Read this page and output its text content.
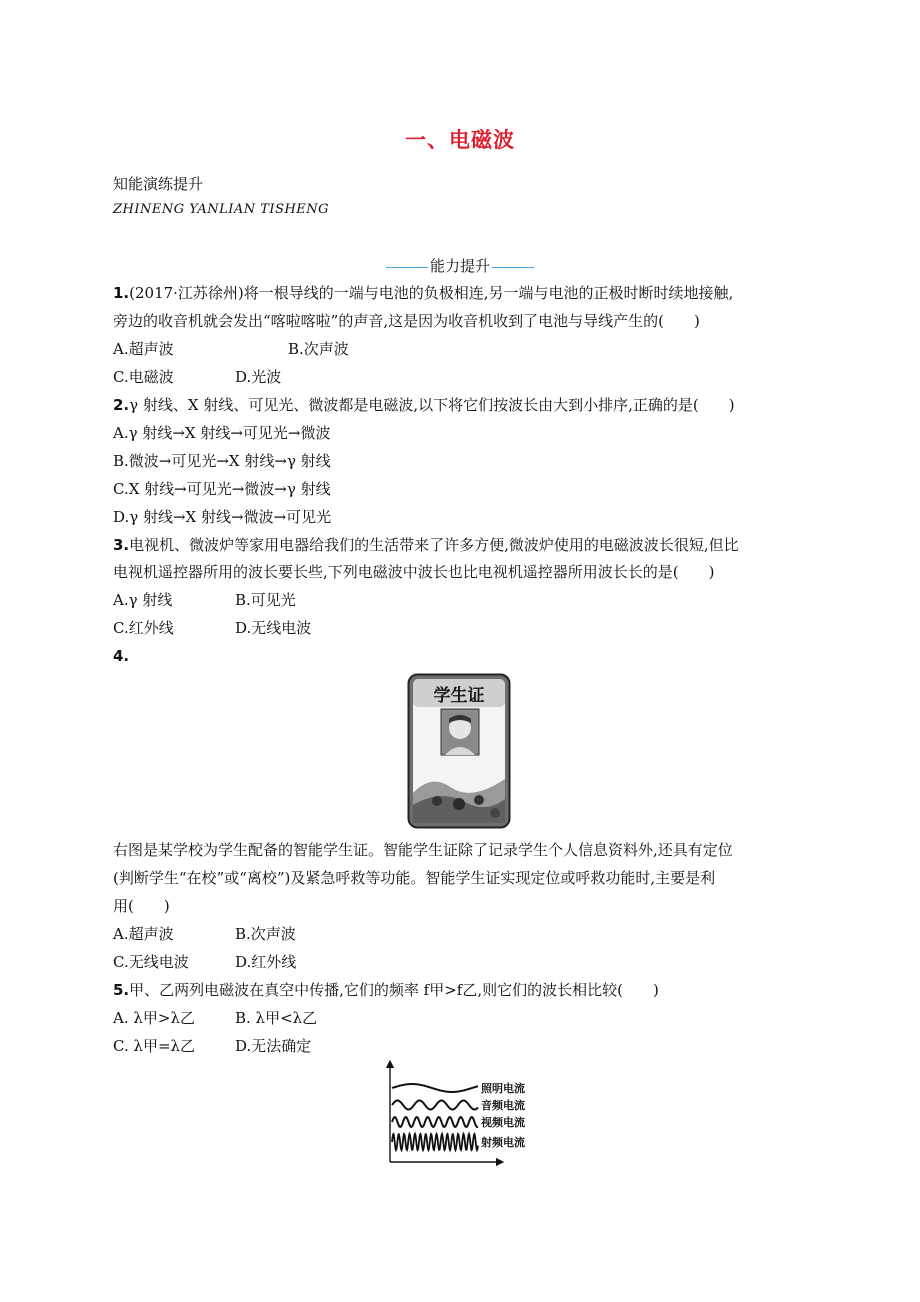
一、电磁波
知能演练提升
ZHINENG YANLIAN TISHENG
能力提升
1.(2017·江苏徐州)将一根导线的一端与电池的负极相连,另一端与电池的正极时断时续地接触,
旁边的收音机就会发出“喀啦喀啦”的声音,这是因为收音机收到了电池与导线产生的(　　)
A.超声波	B.次声波
C.电磁波	D.光波
2.γ 射线、X 射线、可见光、微波都是电磁波,以下将它们按波长由大到小排序,正确的是(　　)
A.γ 射线→X 射线→可见光→微波
B.微波→可见光→X 射线→γ 射线
C.X 射线→可见光→微波→γ 射线
D.γ 射线→X 射线→微波→可见光
3.电视机、微波炉等家用电器给我们的生活带来了许多方便,微波炉使用的电磁波波长很短,但比
电视机遥控器所用的波长要长些,下列电磁波中波长也比电视机遥控器所用波长长的是(　　)
A.γ 射线	B.可见光
C.红外线	D.无线电波
4.
学生证
右图是某学校为学生配备的智能学生证。智能学生证除了记录学生个人信息资料外,还具有定位
(判断学生“在校”或“离校”)及紧急呼救等功能。智能学生证实现定位或呼救功能时,主要是利
用(　　)
A.超声波	B.次声波
C.无线电波	D.红外线
5.甲、乙两列电磁波在真空中传播,它们的频率 f甲>f乙,则它们的波长相比较(　　)
A. λ甲>λ乙	B. λ甲<λ乙
C. λ甲=λ乙	D.无法确定
照明电流
音频电流
视频电流
射频电流
